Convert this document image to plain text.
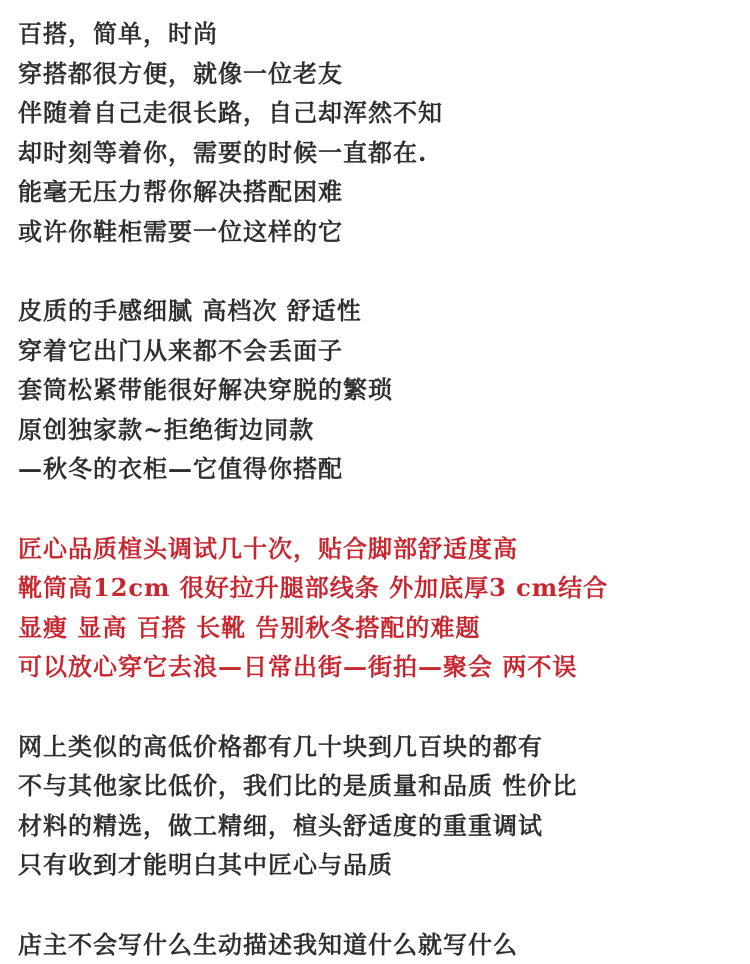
百搭，简单，时尚
穿搭都很方便，就像一位老友
伴随着自己走很长路，自己却浑然不知
却时刻等着你，需要的时候一直都在.
能毫无压力帮你解决搭配困难
或许你鞋柜需要一位这样的它
皮质的手感细腻 高档次 舒适性
穿着它出门从来都不会丢面子
套筒松紧带能很好解决穿脱的繁琐
原创独家款~拒绝街边同款
—秋冬的衣柜—它值得你搭配
匠心品质楦头调试几十次，贴合脚部舒适度高
靴筒高12cm 很好拉升腿部线条 外加底厚3 cm结合
显瘦 显高 百搭 长靴 告别秋冬搭配的难题
可以放心穿它去浪—日常出街—街拍—聚会 两不误
网上类似的高低价格都有几十块到几百块的都有
不与其他家比低价，我们比的是质量和品质 性价比
材料的精选，做工精细，楦头舒适度的重重调试
只有收到才能明白其中匠心与品质
店主不会写什么生动描述我知道什么就写什么
